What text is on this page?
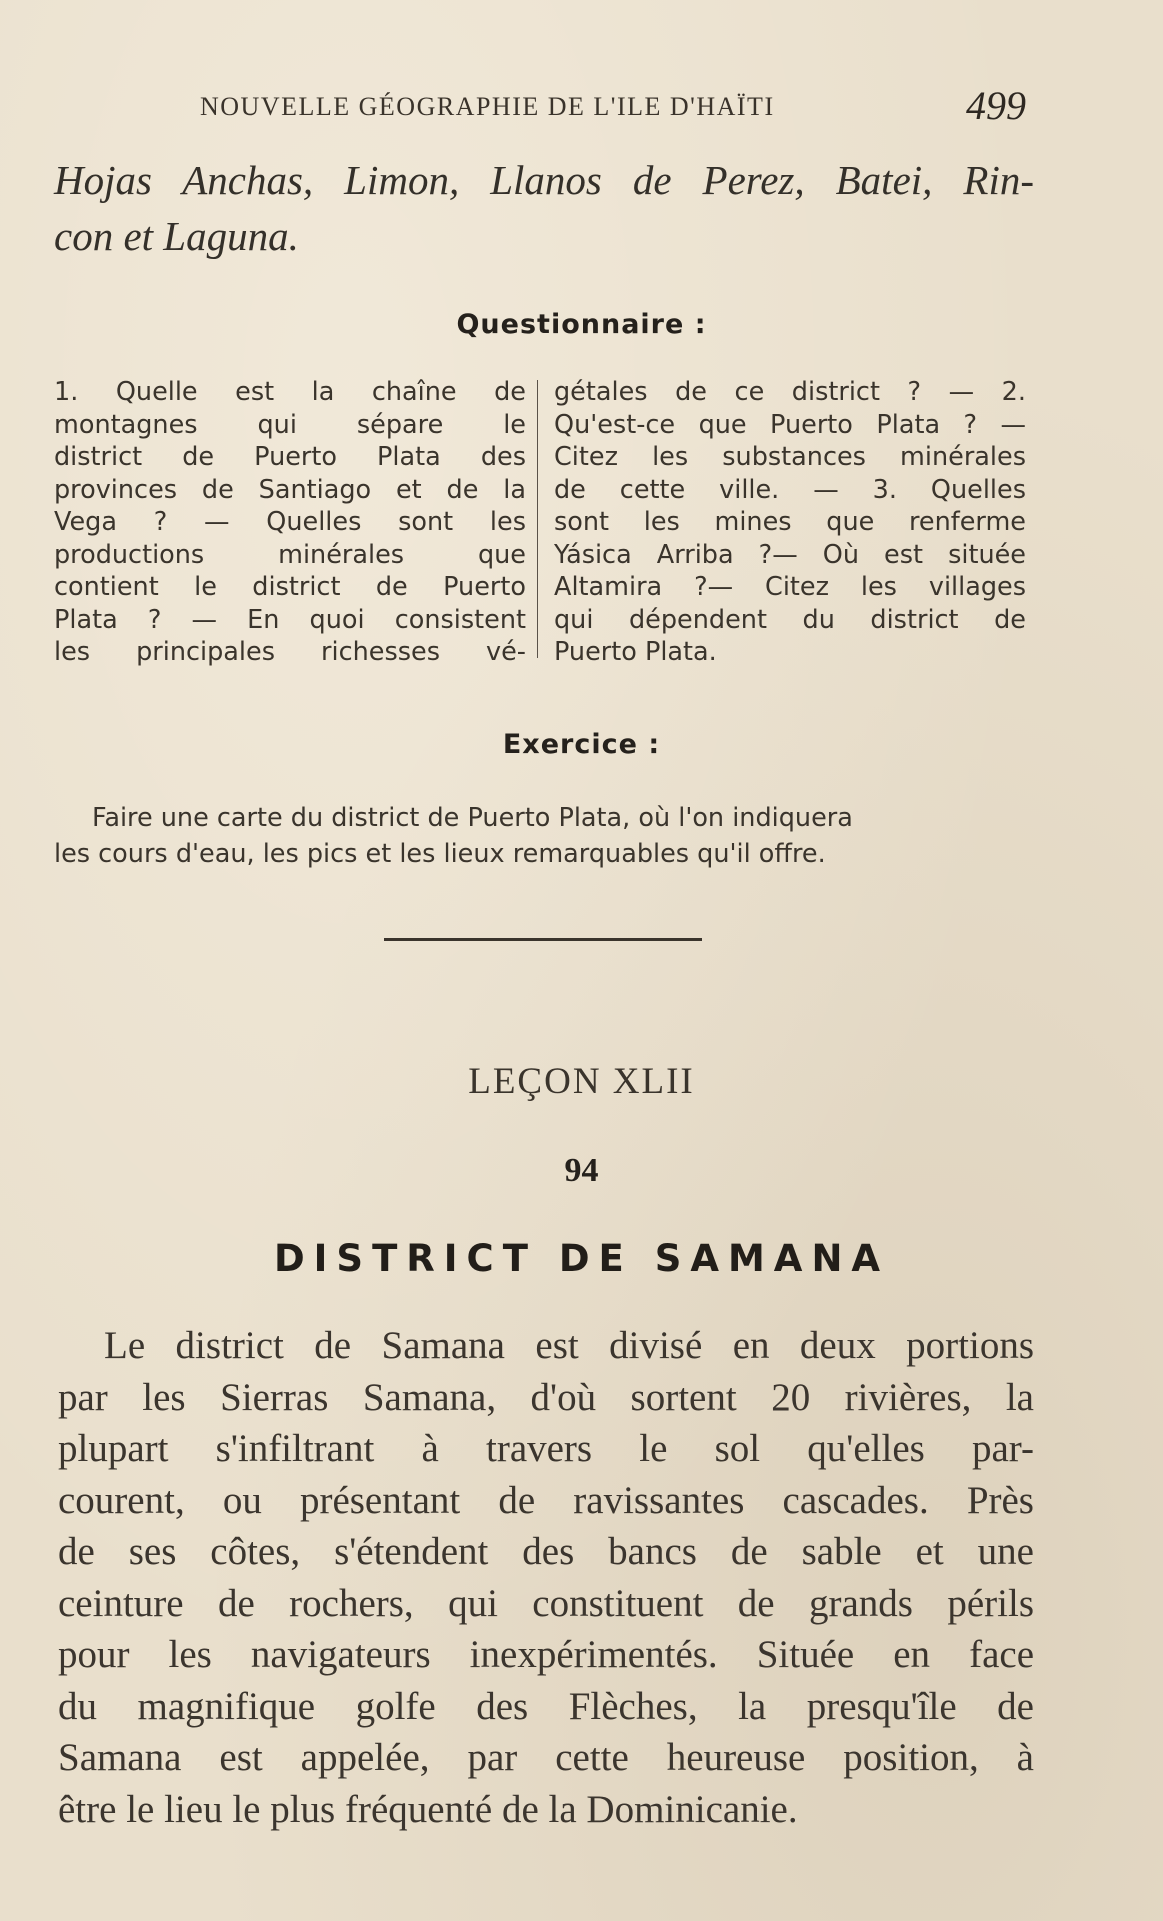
NOUVELLE GÉOGRAPHIE DE L'ILE D'HAÏTI	499
Hojas Anchas, Limon, Llanos de Perez, Batei, Rin-
con et Laguna.
Questionnaire :
1. Quelle est la chaîne de
montagnes qui sépare le
district de Puerto Plata des
provinces de Santiago et de la
Vega ? — Quelles sont les
productions minérales que
contient le district de Puerto
Plata ? — En quoi consistent
les principales richesses vé-
gétales de ce district ? — 2.
Qu'est-ce que Puerto Plata ? —
Citez les substances minérales
de cette ville. — 3. Quelles
sont les mines que renferme
Yásica Arriba ?— Où est située
Altamira ?— Citez les villages
qui dépendent du district de
Puerto Plata.
Exercice :
Faire une carte du district de Puerto Plata, où l'on indiquera
les cours d'eau, les pics et les lieux remarquables qu'il offre.
LEÇON XLII
94
DISTRICT DE SAMANA
Le district de Samana est divisé en deux portions
par les Sierras Samana, d'où sortent 20 rivières, la
plupart s'infiltrant à travers le sol qu'elles par-
courent, ou présentant de ravissantes cascades. Près
de ses côtes, s'étendent des bancs de sable et une
ceinture de rochers, qui constituent de grands périls
pour les navigateurs inexpérimentés. Située en face
du magnifique golfe des Flèches, la presqu'île de
Samana est appelée, par cette heureuse position, à
être le lieu le plus fréquenté de la Dominicanie.
